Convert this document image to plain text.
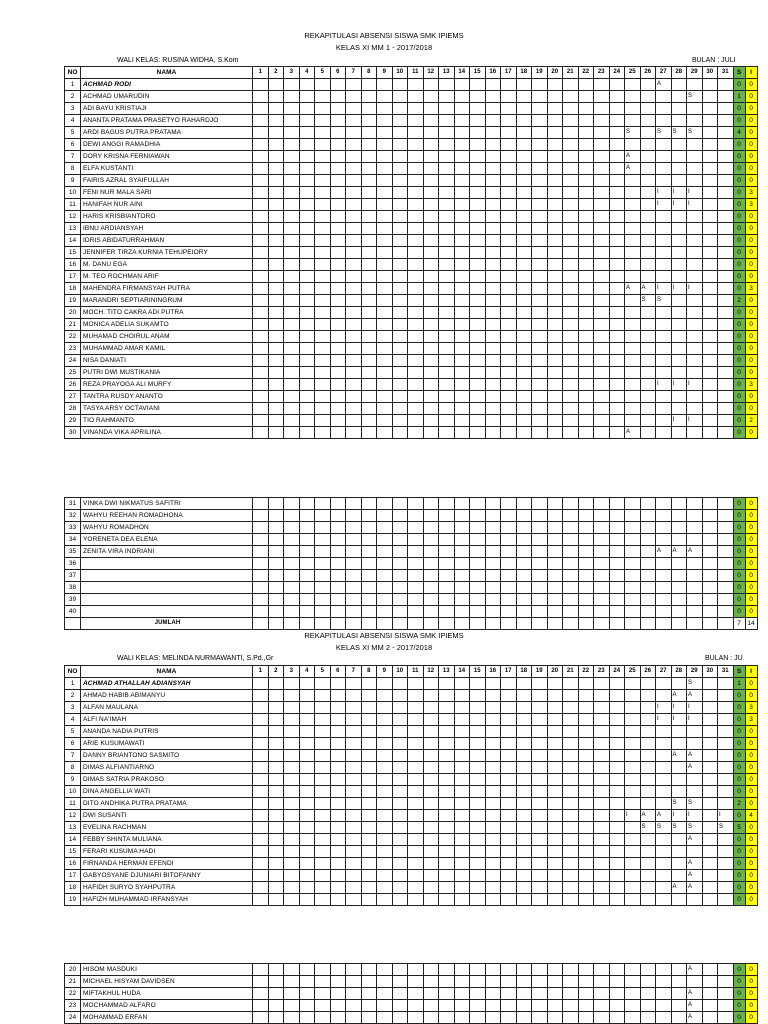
REKAPITULASI ABSENSI SISWA SMK IPIEMS
KELAS XI MM 1 - 2017/2018
WALI KELAS: RUSINA WIDHA, S.Kom	BULAN : JULI
NO	NAMA	1	2	3	4	5	6	7	8	9	10	11	12	13	14	15	16	17	18	19	20	21	22	23	24	25	26	27	28	29	30	31	S	I
1	ACHMAD RODI																											A					0	0
2	ACHMAD UMARUDIN																													S			1	0
3	ADI BAYU KRISTIAJI																																0	0
4	ANANTA PRATAMA PRASETYO RAHARDJO																																0	0
5	ARDI BAGUS PUTRA PRATAMA																									S		S	S	S			4	0
6	DEWI ANGGI RAMADHIA																																0	0
7	DORY KRISNA FERNIAWAN																									A							0	0
8	ELFA KUSTANTI																									A							0	0
9	FAIRIS AZRAL SYAIFULLAH																																0	0
10	FENI NUR MALA SARI																											I	I	I			0	3
11	HANIFAH NUR AINI																											I	I	I			0	3
12	HARIS KRISBIANTORO																																0	0
13	IBNU ARDIANSYAH																																0	0
14	IDRIS ABIDATURRAHMAN																																0	0
15	JENNIFER TIRZA KURNIA TEHUPEIORY																																0	0
16	M. DANU EGA																																0	0
17	M. TEO ROCHMAN ARIF																																0	0
18	MAHENDRA FIRMANSYAH PUTRA																									A	A	I	I	I			0	3
19	MARANDRI SEPTIARININGRUM																										S	S					2	0
20	MOCH. TITO CAKRA ADI PUTRA																																0	0
21	MONICA ADELIA SUKAMTO																																0	0
22	MUHAMAD CHOIRUL ANAM																																0	0
23	MUHAMMAD AMAR KAMIL																																0	0
24	NISA DANIATI																																0	0
25	PUTRI DWI MUSTIKANIA																																0	0
26	REZA PRAYOGA ALI MURFY																											I	I	I			0	3
27	TANTRA RUSDY ANANTO																																0	0
28	TASYA ARSY OCTAVIANI																																0	0
29	TIO RAHMANTO																												I	I			0	2
30	VINANDA VIKA APRILINA																									A							0	0
31	VINKA DWI NIKMATUS SAFITRI																																0	0
32	WAHYU REEHAN ROMADHONA																																0	0
33	WAHYU ROMADHON																																0	0
34	YORENETA DEA ELENA																																0	0
35	ZENITA VIRA INDRIANI																											A	A	A			0	0
36																																	0	0
37																																	0	0
38																																	0	0
39																																	0	0
40																																	0	0
	JUMLAH																																7	14
REKAPITULASI ABSENSI SISWA SMK IPIEMS
KELAS XI MM 2 - 2017/2018
WALI KELAS: MELINDA NURMAWANTI, S.Pd.,Gr	BULAN : JU
NO	NAMA	1	2	3	4	5	6	7	8	9	10	11	12	13	14	15	16	17	18	19	20	21	22	23	24	25	26	27	28	29	30	31	S	I
1	ACHMAD ATHALLAH ADIANSYAH																													S			1	0
2	AHMAD HABIB ABIMANYU																												A	A			0	0
3	ALFAN MAULANA																											I	I	I			0	3
4	ALFI NA'IMAH																											I	I	I			0	3
5	ANANDA NADIA PUTRIS																																0	0
6	ARIE KUSUMAWATI																																0	0
7	DANNY BRIANTONO SASMITO																												A	A			0	0
8	DIMAS ALFIANTIARNO																													A			0	0
9	DIMAS SATRIA PRAKOSO																																0	0
10	DINA ANGELLIA WATI																																0	0
11	DITO ANDHIKA PUTRA PRATAMA																												S	S			2	0
12	DWI SUSANTI																									I	A	A	I	I		I	0	4
13	EVELINA RACHMAN																										S	S	S	S		S	5	0
14	FEBBY SHINTA MULIANA																													A			0	0
15	FERARI KUSUMA HADI																																0	0
16	FIRNANDA HERMAN EFENDI																													A			0	0
17	GABYOSYANE DJUNIARI BITOFANNY																													A			0	0
18	HAFIDH SURYO SYAHPUTRA																												A	A			0	0
19	HAFIZH MUHAMMAD IRFANSYAH																																0	0
20	HISOM MASDUKI																													A			0	0
21	MICHAEL HISYAM DAVIDSEN																																0	0
22	MIFTAKHUL HUDA																													A			0	0
23	MOCHAMMAD ALFARO																													A			0	0
24	MOHAMMAD ERFAN																													A			0	0
